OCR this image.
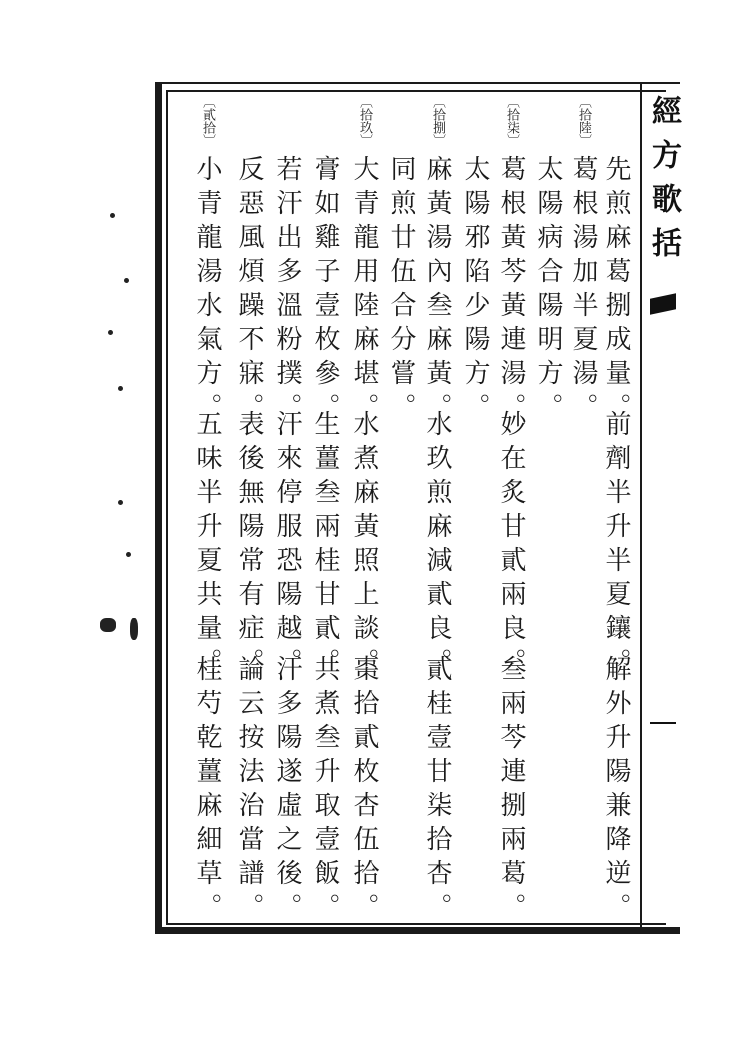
經方歌括
先煎麻葛捌成量。
前劑半升半夏鑲。
解外升陽兼降逆。
〔拾陸〕
葛根湯加半夏湯。
太陽病合陽明方。
〔拾柒〕
葛根黃芩黃連湯。
妙在炙甘貳兩良。
叁兩芩連捌兩葛。
太陽邪陷少陽方。
〔拾捌〕
麻黃湯內叁麻黃。
水玖煎麻減貳良。
貳桂壹甘柒拾杏。
同煎廿伍合分嘗。
〔拾玖〕
大青龍用陸麻堪。
水煮麻黃照上談。
棗拾貳枚杏伍拾。
膏如雞子壹枚參。
生薑叁兩桂甘貳。
共煮叁升取壹飯。
若汗出多溫粉撲。
汗來停服恐陽越。
汗多陽遂虛之後。
反惡風煩躁不寐。
表後無陽常有症。
論云按法治當譜。
〔貳拾〕
小青龍湯水氣方。
五味半升夏共量。
桂芍乾薑麻細草。
